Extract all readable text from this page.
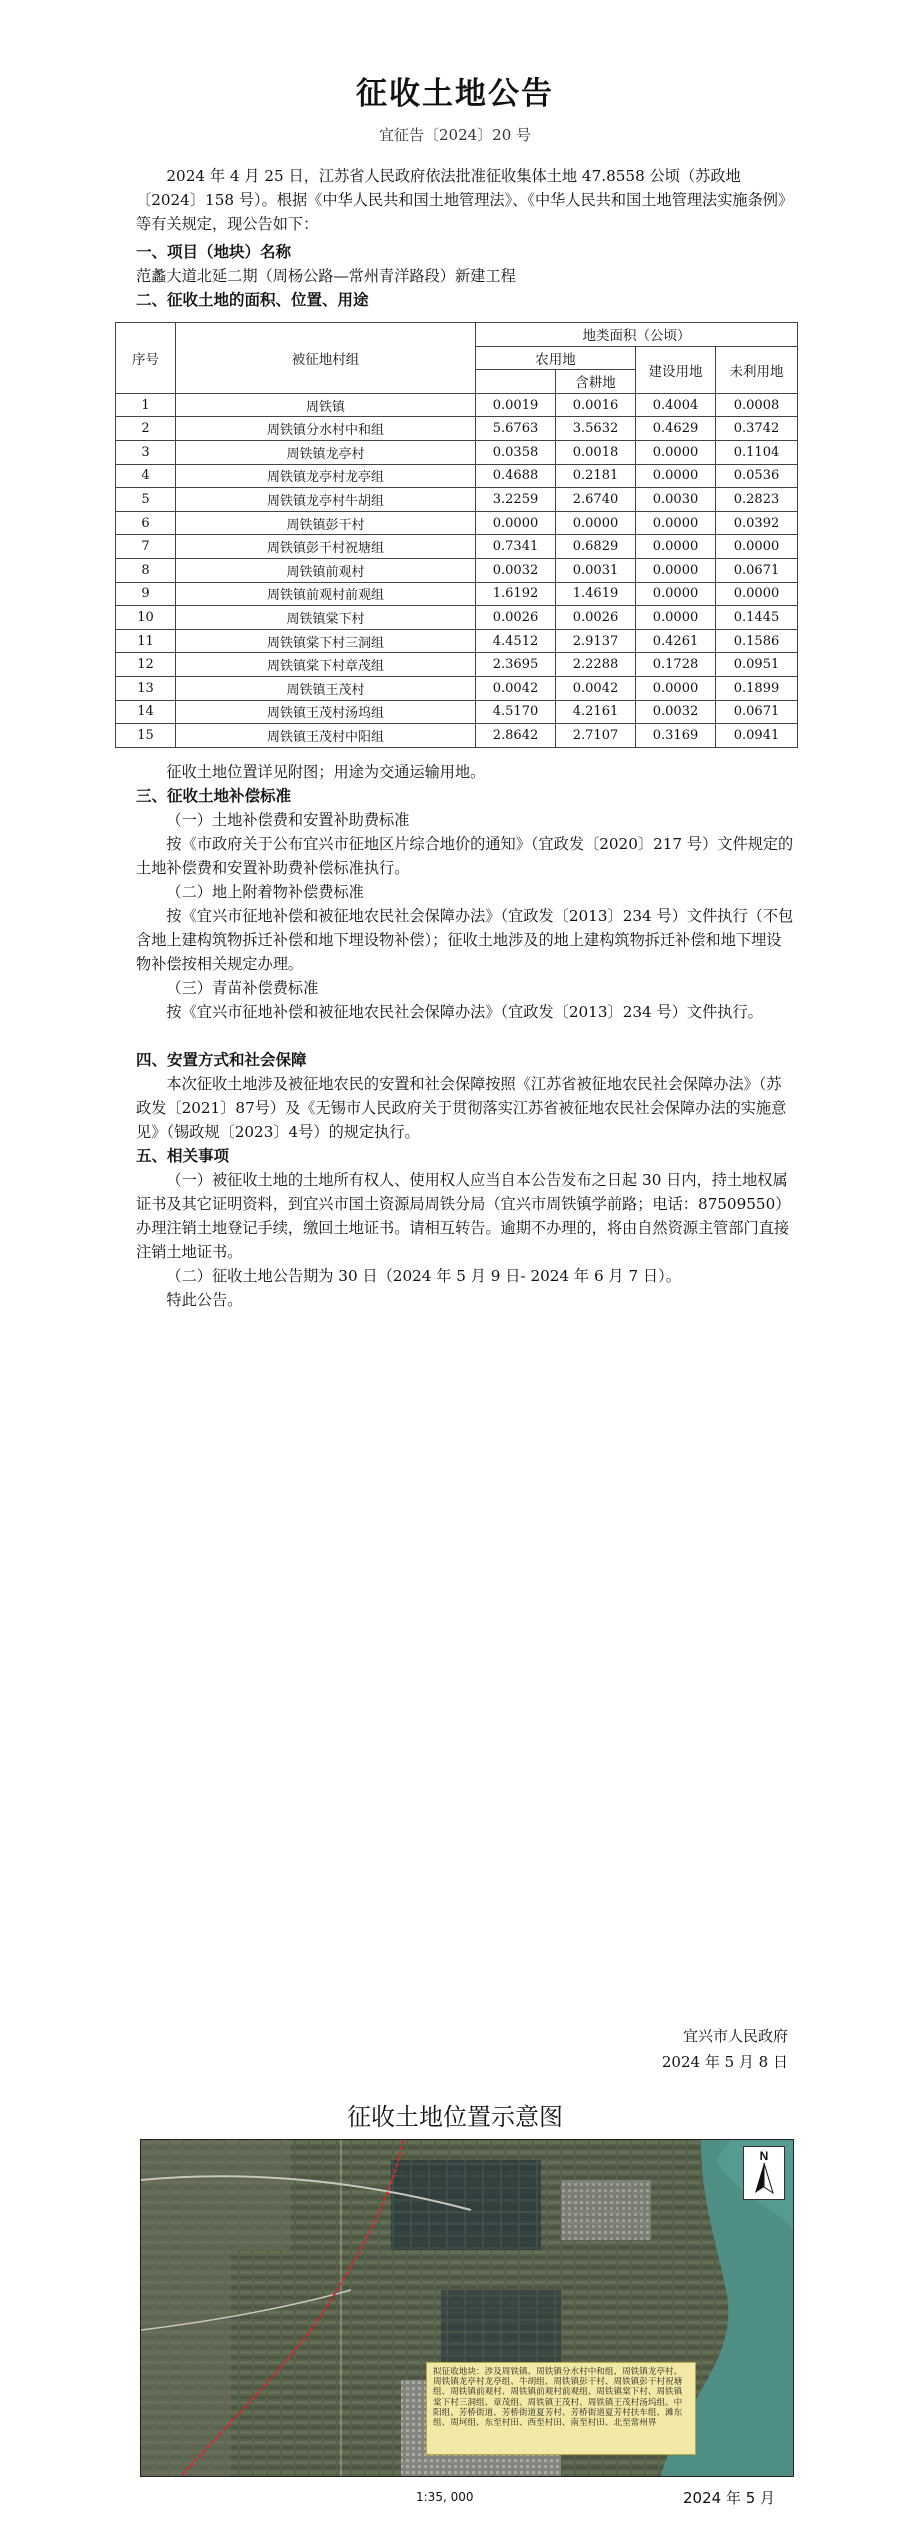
征收土地公告
宜征告〔2024〕20 号

2024 年 4 月 25 日，江苏省人民政府依法批准征收集体土地 47.8558 公顷（苏政地〔2024〕158 号）。根据《中华人民共和国土地管理法》、《中华人民共和国土地管理法实施条例》等有关规定，现公告如下：

一、项目（地块）名称
范蠡大道北延二期（周杨公路—常州青洋路段）新建工程
二、征收土地的面积、位置、用途
序号	被征地村组	地类面积（公顷）			
		农用地		建设用地	未利用地
			含耕地		
1	周铁镇	0.0019	0.0016	0.4004	0.0008
2	周铁镇分水村中和组	5.6763	3.5632	0.4629	0.3742
3	周铁镇龙亭村	0.0358	0.0018	0.0000	0.1104
4	周铁镇龙亭村龙亭组	0.4688	0.2181	0.0000	0.0536
5	周铁镇龙亭村牛胡组	3.2259	2.6740	0.0030	0.2823
6	周铁镇彭干村	0.0000	0.0000	0.0000	0.0392
7	周铁镇彭干村祝塘组	0.7341	0.6829	0.0000	0.0000
8	周铁镇前观村	0.0032	0.0031	0.0000	0.0671
9	周铁镇前观村前观组	1.6192	1.4619	0.0000	0.0000
10	周铁镇棠下村	0.0026	0.0026	0.0000	0.1445
11	周铁镇棠下村三洞组	4.4512	2.9137	0.4261	0.1586
12	周铁镇棠下村章茂组	2.3695	2.2288	0.1728	0.0951
13	周铁镇王茂村	0.0042	0.0042	0.0000	0.1899
14	周铁镇王茂村汤坞组	4.5170	4.2161	0.0032	0.0671
15	周铁镇王茂村中阳组	2.8642	2.7107	0.3169	0.0941
征收土地位置详见附图；用途为交通运输用地。
三、征收土地补偿标准
（一）土地补偿费和安置补助费标准

按《市政府关于公布宜兴市征地区片综合地价的通知》（宜政发〔2020〕217 号）文件规定的土地补偿费和安置补助费补偿标准执行。

（二）地上附着物补偿费标准

按《宜兴市征地补偿和被征地农民社会保障办法》（宜政发〔2013〕234 号）文件执行（不包含地上建构筑物拆迁补偿和地下埋设物补偿）；征收土地涉及的地上建构筑物拆迁补偿和地下埋设物补偿按相关规定办理。

（三）青苗补偿费标准

按《宜兴市征地补偿和被征地农民社会保障办法》（宜政发〔2013〕234 号）文件执行。

四、安置方式和社会保障

本次征收土地涉及被征地农民的安置和社会保障按照《江苏省被征地农民社会保障办法》（苏政发〔2021〕87号）及《无锡市人民政府关于贯彻落实江苏省被征地农民社会保障办法的实施意见》（锡政规〔2023〕4号）的规定执行。

五、相关事项

（一）被征收土地的土地所有权人、使用权人应当自本公告发布之日起 30 日内，持土地权属证书及其它证明资料，到宜兴市国土资源局周铁分局（宜兴市周铁镇学前路；电话：87509550）办理注销土地登记手续，缴回土地证书。请相互转告。逾期不办理的，将由自然资源主管部门直接注销土地证书。

（二）征收土地公告期为 30 日（2024 年 5 月 9 日- 2024 年 6 月 7 日）。

特此公告。
宜兴市人民政府
2024 年 5 月 8 日
征收土地位置示意图
N
拟征收地块：涉及周铁镇、周铁镇分水村中和组、周铁镇龙亭村、周铁镇龙亭村龙亭组、牛胡组、周铁镇彭干村、周铁镇彭干村祝塘组、周铁镇前观村、周铁镇前观村前观组、周铁镇棠下村、周铁镇棠下村三洞组、章茂组、周铁镇王茂村、周铁镇王茂村汤坞组、中阳组、芳桥街道、芳桥街道夏芳村、芳桥街道夏芳村扶车组、滩东组、周坷组、东至村田、西至村田、南至村田、北至常州界
1:35, 000	2024 年 5 月
